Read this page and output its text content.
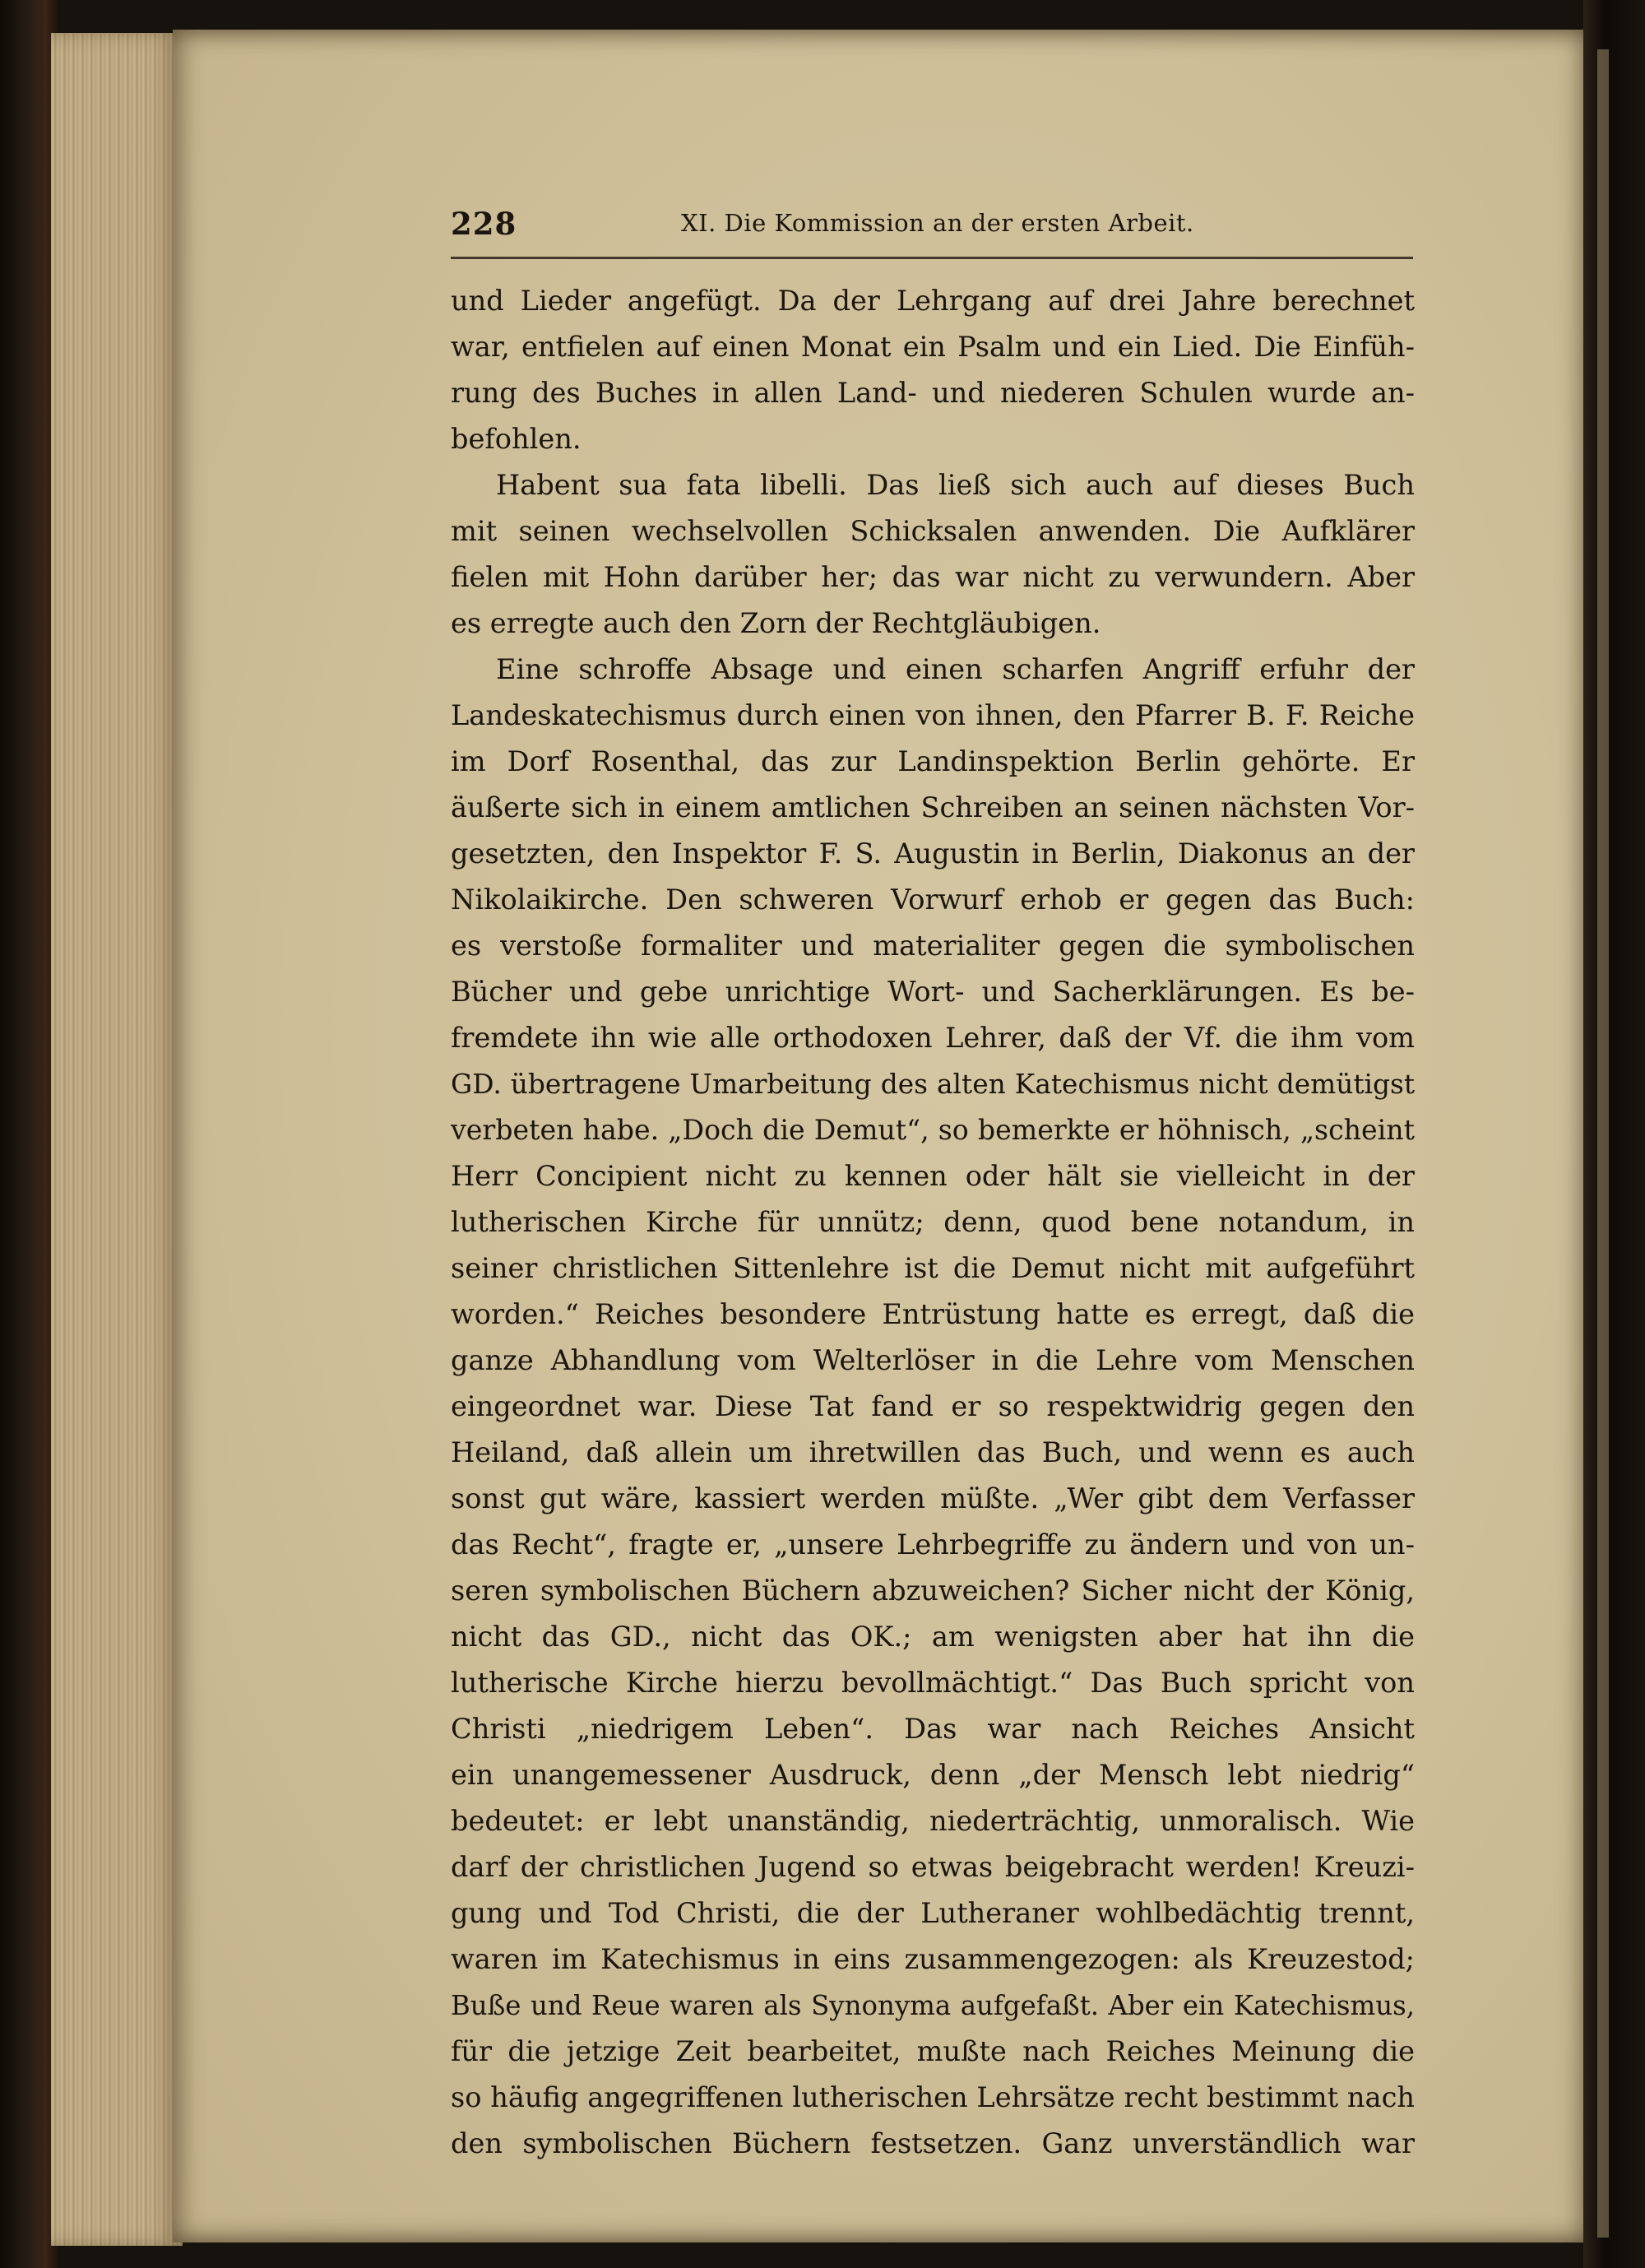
228	XI. Die Kommission an der ersten Arbeit.
und Lieder angefügt. Da der Lehrgang auf drei Jahre berechnet
war, entfielen auf einen Monat ein Psalm und ein Lied. Die Einfüh-
rung des Buches in allen Land- und niederen Schulen wurde an-
befohlen.
Habent sua fata libelli. Das ließ sich auch auf dieses Buch
mit seinen wechselvollen Schicksalen anwenden. Die Aufklärer
fielen mit Hohn darüber her; das war nicht zu verwundern. Aber
es erregte auch den Zorn der Rechtgläubigen.
Eine schroffe Absage und einen scharfen Angriff erfuhr der
Landeskatechismus durch einen von ihnen, den Pfarrer B. F. Reiche
im Dorf Rosenthal, das zur Landinspektion Berlin gehörte. Er
äußerte sich in einem amtlichen Schreiben an seinen nächsten Vor-
gesetzten, den Inspektor F. S. Augustin in Berlin, Diakonus an der
Nikolaikirche. Den schweren Vorwurf erhob er gegen das Buch:
es verstoße formaliter und materialiter gegen die symbolischen
Bücher und gebe unrichtige Wort- und Sacherklärungen. Es be-
fremdete ihn wie alle orthodoxen Lehrer, daß der Vf. die ihm vom
GD. übertragene Umarbeitung des alten Katechismus nicht demütigst
verbeten habe. „Doch die Demut“, so bemerkte er höhnisch, „scheint
Herr Concipient nicht zu kennen oder hält sie vielleicht in der
lutherischen Kirche für unnütz; denn, quod bene notandum, in
seiner christlichen Sittenlehre ist die Demut nicht mit aufgeführt
worden.“ Reiches besondere Entrüstung hatte es erregt, daß die
ganze Abhandlung vom Welterlöser in die Lehre vom Menschen
eingeordnet war. Diese Tat fand er so respektwidrig gegen den
Heiland, daß allein um ihretwillen das Buch, und wenn es auch
sonst gut wäre, kassiert werden müßte. „Wer gibt dem Verfasser
das Recht“, fragte er, „unsere Lehrbegriffe zu ändern und von un-
seren symbolischen Büchern abzuweichen? Sicher nicht der König,
nicht das GD., nicht das OK.; am wenigsten aber hat ihn die
lutherische Kirche hierzu bevollmächtigt.“ Das Buch spricht von
Christi „niedrigem Leben“. Das war nach Reiches Ansicht
ein unangemessener Ausdruck, denn „der Mensch lebt niedrig“
bedeutet: er lebt unanständig, niederträchtig, unmoralisch. Wie
darf der christlichen Jugend so etwas beigebracht werden! Kreuzi-
gung und Tod Christi, die der Lutheraner wohlbedächtig trennt,
waren im Katechismus in eins zusammengezogen: als Kreuzestod;
Buße und Reue waren als Synonyma aufgefaßt. Aber ein Katechismus,
für die jetzige Zeit bearbeitet, mußte nach Reiches Meinung die
so häufig angegriffenen lutherischen Lehrsätze recht bestimmt nach
den symbolischen Büchern festsetzen. Ganz unverständlich war
